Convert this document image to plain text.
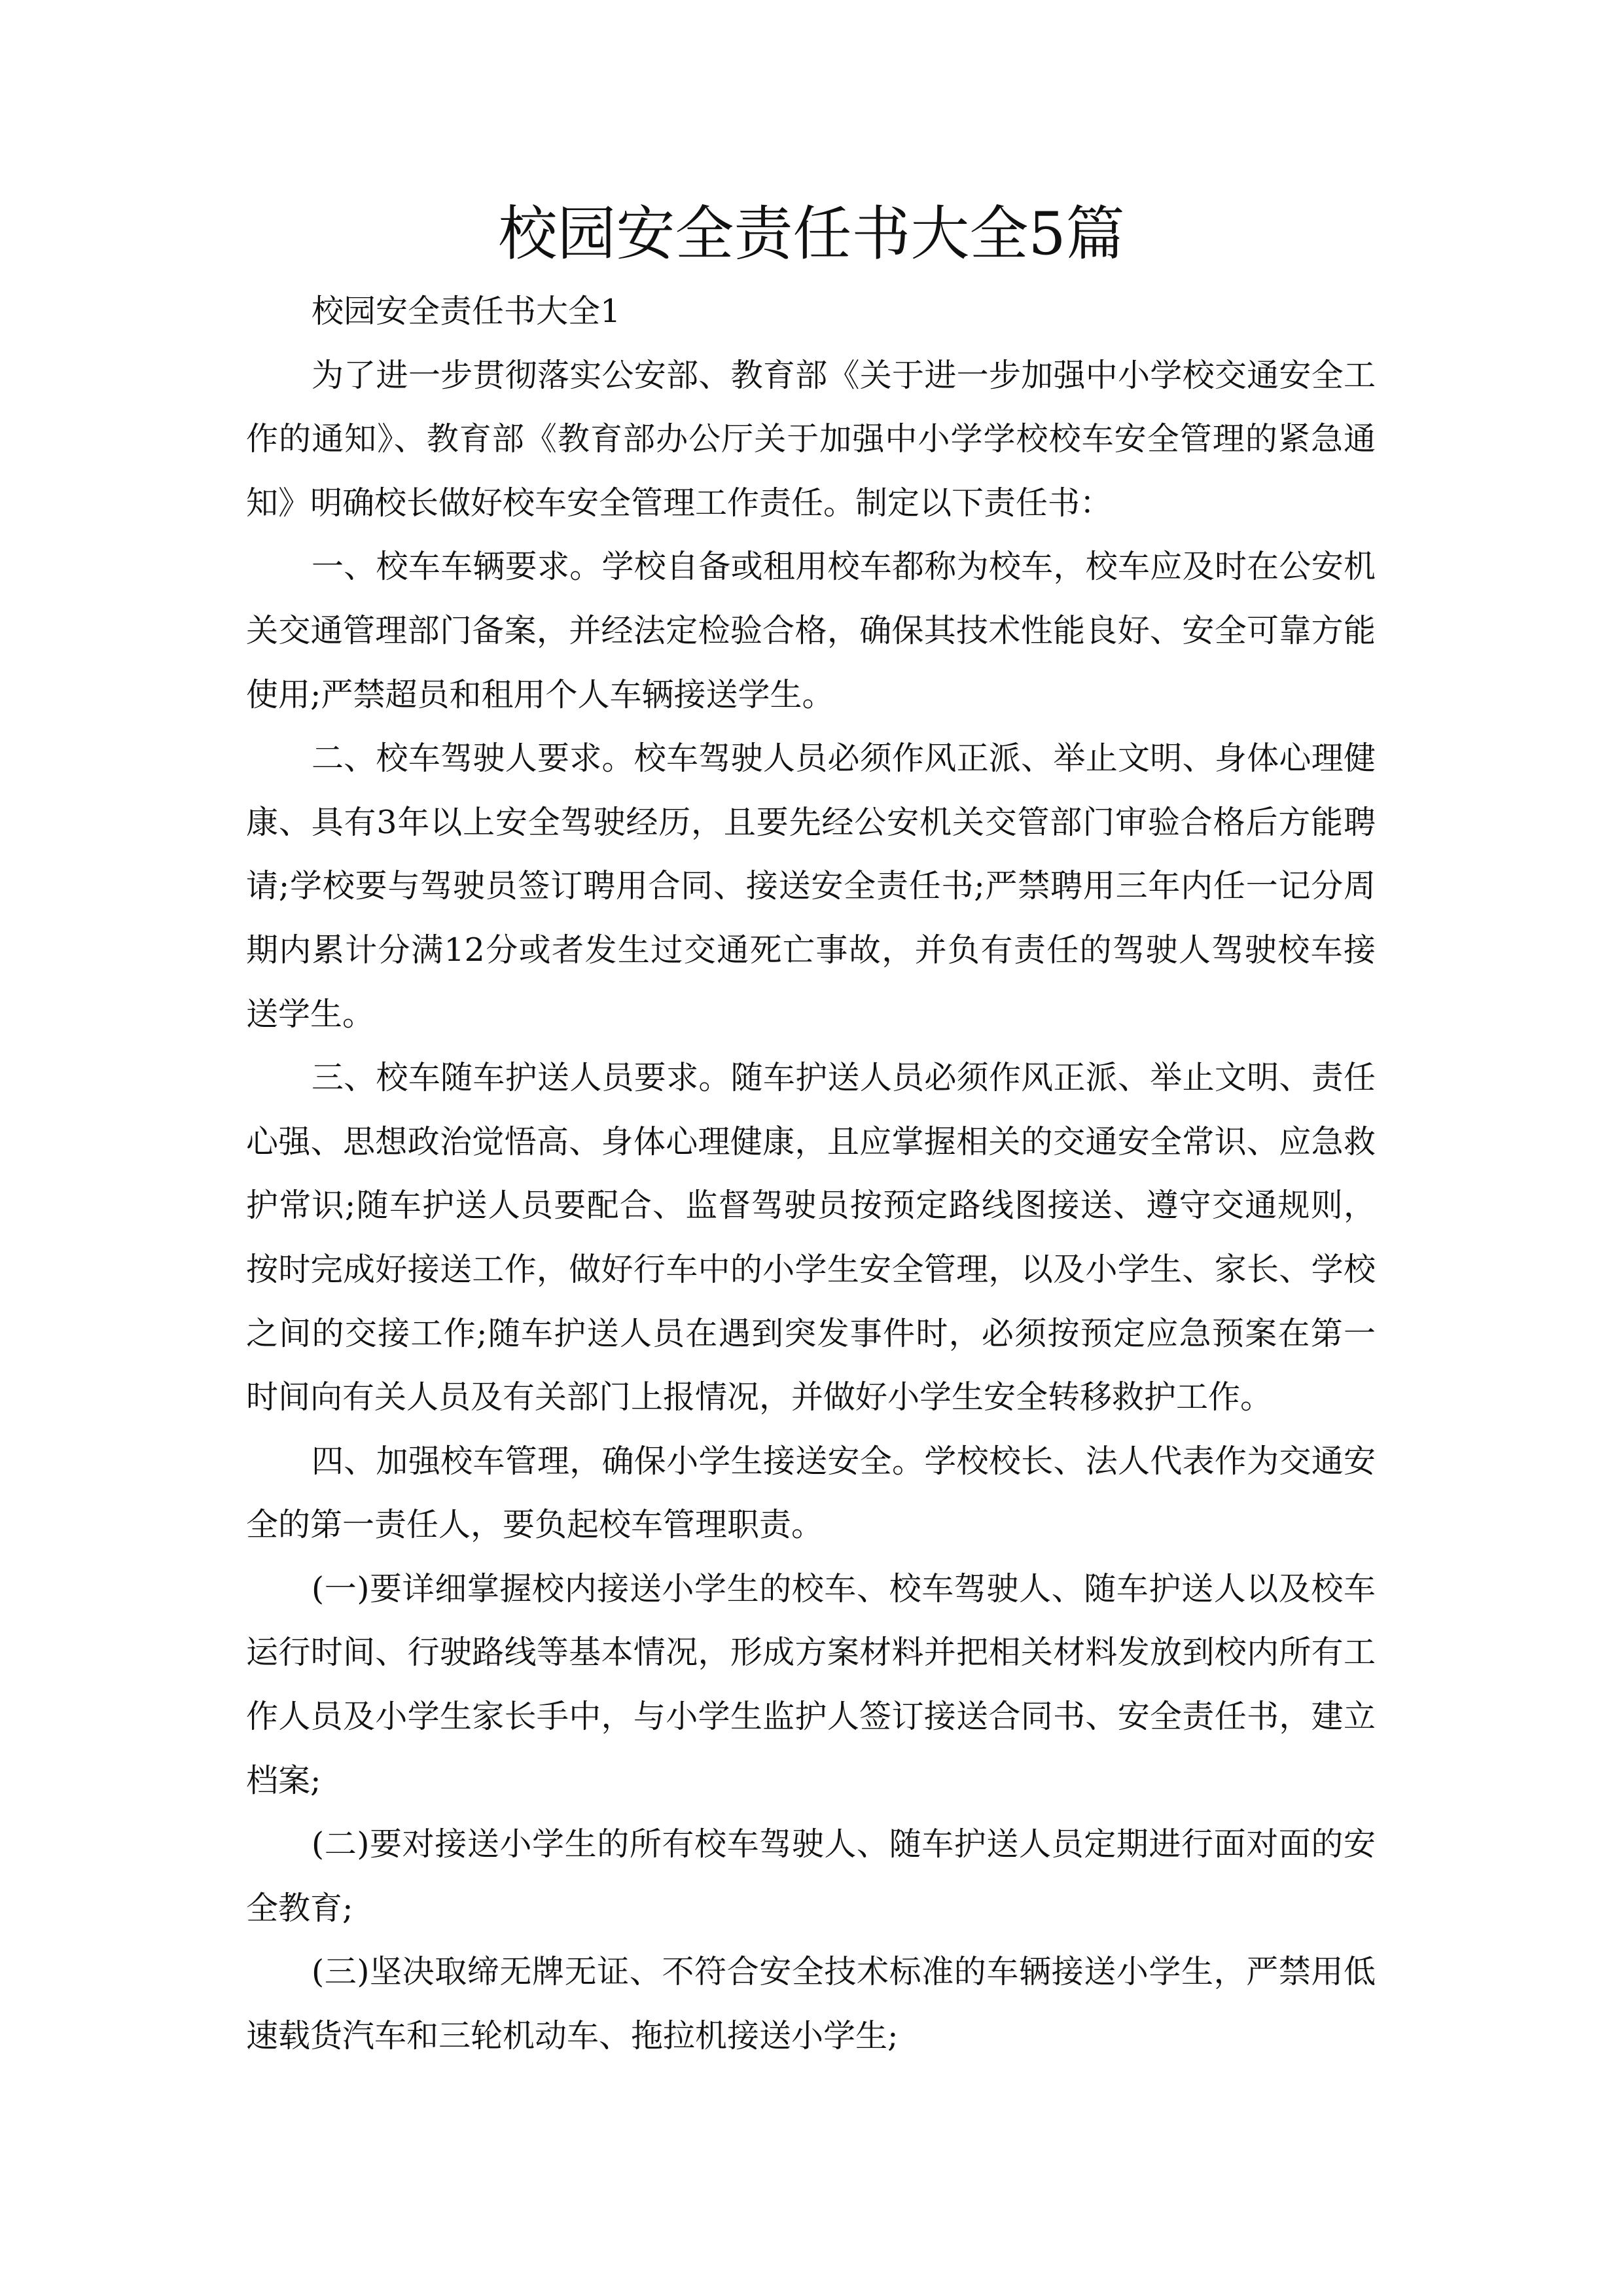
校园安全责任书大全5篇
校园安全责任书大全1
为了进一步贯彻落实公安部、教育部《关于进一步加强中小学校交通安全工
作的通知》、教育部《教育部办公厅关于加强中小学学校校车安全管理的紧急通
知》明确校长做好校车安全管理工作责任。制定以下责任书：
一、校车车辆要求。学校自备或租用校车都称为校车，校车应及时在公安机
关交通管理部门备案，并经法定检验合格，确保其技术性能良好、安全可靠方能
使用;严禁超员和租用个人车辆接送学生。
二、校车驾驶人要求。校车驾驶人员必须作风正派、举止文明、身体心理健
康、具有3年以上安全驾驶经历，且要先经公安机关交管部门审验合格后方能聘
请;学校要与驾驶员签订聘用合同、接送安全责任书;严禁聘用三年内任一记分周
期内累计分满12分或者发生过交通死亡事故，并负有责任的驾驶人驾驶校车接
送学生。
三、校车随车护送人员要求。随车护送人员必须作风正派、举止文明、责任
心强、思想政治觉悟高、身体心理健康，且应掌握相关的交通安全常识、应急救
护常识;随车护送人员要配合、监督驾驶员按预定路线图接送、遵守交通规则，
按时完成好接送工作，做好行车中的小学生安全管理，以及小学生、家长、学校
之间的交接工作;随车护送人员在遇到突发事件时，必须按预定应急预案在第一
时间向有关人员及有关部门上报情况，并做好小学生安全转移救护工作。
四、加强校车管理，确保小学生接送安全。学校校长、法人代表作为交通安
全的第一责任人，要负起校车管理职责。
(一)要详细掌握校内接送小学生的校车、校车驾驶人、随车护送人以及校车
运行时间、行驶路线等基本情况，形成方案材料并把相关材料发放到校内所有工
作人员及小学生家长手中，与小学生监护人签订接送合同书、安全责任书，建立
档案;
(二)要对接送小学生的所有校车驾驶人、随车护送人员定期进行面对面的安
全教育;
(三)坚决取缔无牌无证、不符合安全技术标准的车辆接送小学生，严禁用低
速载货汽车和三轮机动车、拖拉机接送小学生;
